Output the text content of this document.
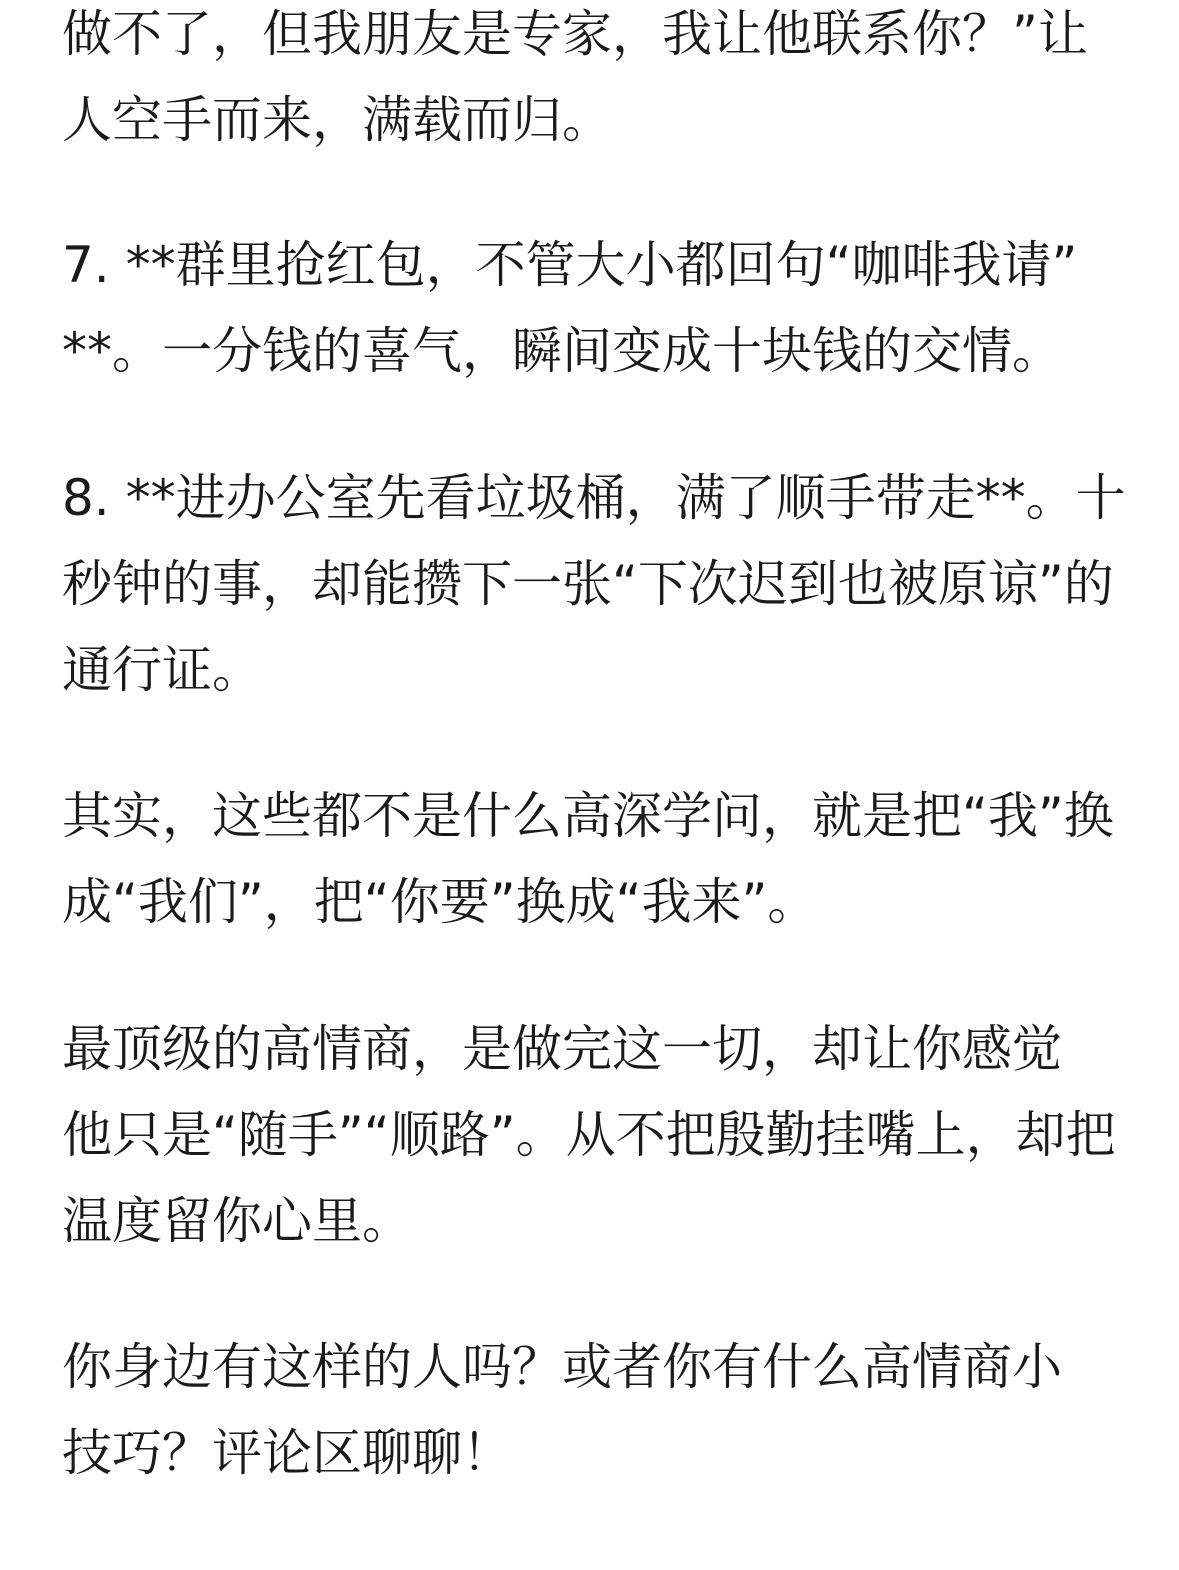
做不了，但我朋友是专家，我让他联系你？”让
人空手而来，满载而归。
7. **群里抢红包，不管大小都回句“咖啡我请”
**。一分钱的喜气，瞬间变成十块钱的交情。
8. **进办公室先看垃圾桶，满了顺手带走**。十
秒钟的事，却能攒下一张“下次迟到也被原谅”的
通行证。
其实，这些都不是什么高深学问，就是把“我”换
成“我们”，把“你要”换成“我来”。
最顶级的高情商，是做完这一切，却让你感觉
他只是“随手”“顺路”。从不把殷勤挂嘴上，却把
温度留你心里。
你身边有这样的人吗？或者你有什么高情商小
技巧？评论区聊聊！
